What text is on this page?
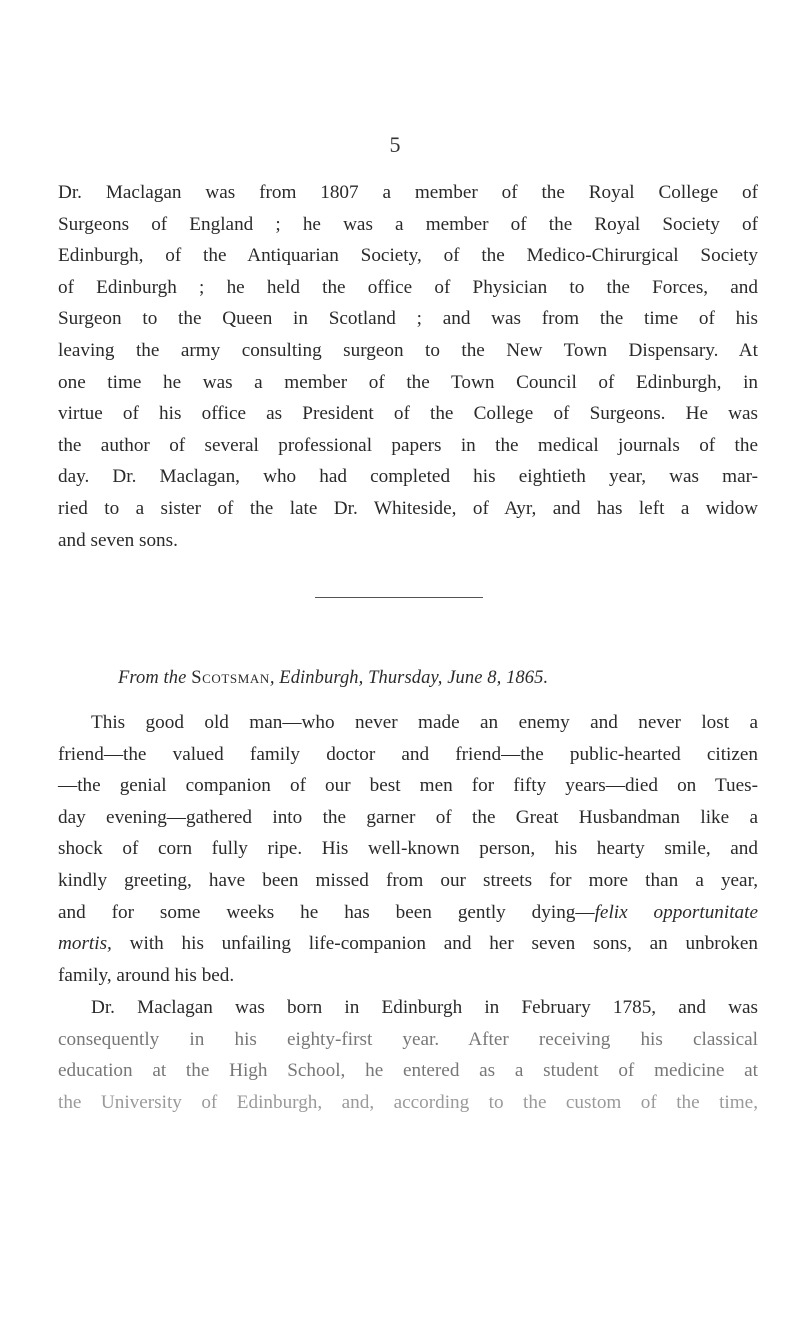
5
Dr. Maclagan was from 1807 a member of the Royal College of
Surgeons of England ; he was a member of the Royal Society of
Edinburgh, of the Antiquarian Society, of the Medico-Chirurgical Society
of Edinburgh ; he held the office of Physician to the Forces, and
Surgeon to the Queen in Scotland ; and was from the time of his
leaving the army consulting surgeon to the New Town Dispensary. At
one time he was a member of the Town Council of Edinburgh, in
virtue of his office as President of the College of Surgeons. He was
the author of several professional papers in the medical journals of the
day. Dr. Maclagan, who had completed his eightieth year, was mar-
ried to a sister of the late Dr. Whiteside, of Ayr, and has left a widow
and seven sons.
From the Scotsman, Edinburgh, Thursday, June 8, 1865.
This good old man—who never made an enemy and never lost a
friend—the valued family doctor and friend—the public-hearted citizen
—the genial companion of our best men for fifty years—died on Tues-
day evening—gathered into the garner of the Great Husbandman like a
shock of corn fully ripe. His well-known person, his hearty smile, and
kindly greeting, have been missed from our streets for more than a year,
and for some weeks he has been gently dying—felix opportunitate
mortis, with his unfailing life-companion and her seven sons, an unbroken
family, around his bed.
Dr. Maclagan was born in Edinburgh in February 1785, and was
consequently in his eighty-first year. After receiving his classical
education at the High School, he entered as a student of medicine at
the University of Edinburgh, and, according to the custom of the time,
